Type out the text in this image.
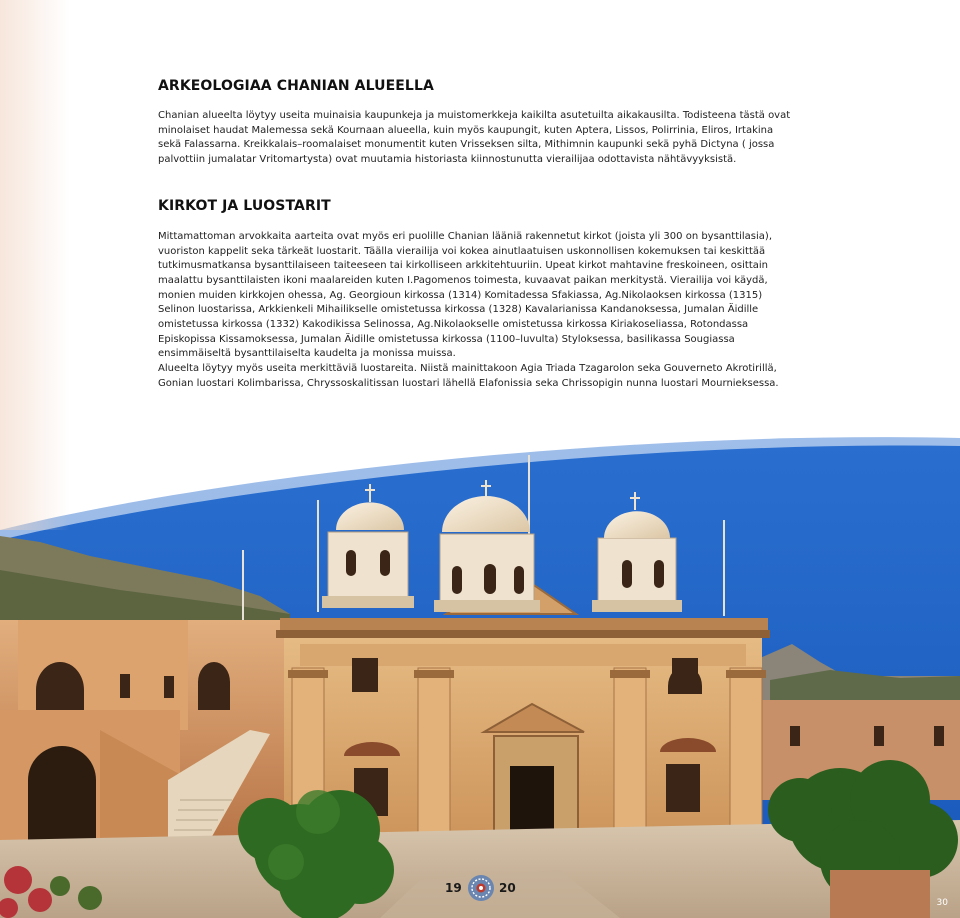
ARKEOLOGIAA CHANIAN ALUEELLA

Chanian alueelta löytyy useita muinaisia kaupunkeja ja muistomerkkeja kaikilta asutetuilta aikakausilta. Todisteena tästä ovat minolaiset haudat Malemessa sekä Kournaan alueella, kuin myös kaupungit, kuten Aptera, Lissos, Polirrinia, Eliros, Irtakina sekä Falassarna. Kreikkalais–roomalaiset monumentit kuten Vrisseksen silta, Mithimnin kaupunki sekä pyhä Dictyna ( jossa palvottiin jumalatar Vritomartysta) ovat muutamia historiasta kiinnostunutta vierailijaa odottavista nähtävyyksistä.

KIRKOT JA LUOSTARIT

Mittamattoman arvokkaita aarteita ovat myös eri puolille Chanian lääniä rakennetut kirkot (joista yli 300 on bysanttilasia), vuoriston kappelit seka tärkeät luostarit. Täälla vierailija voi kokea ainutlaatuisen uskonnollisen kokemuksen tai keskittää tutkimusmatkansa bysanttilaiseen taiteeseen tai kirkolliseen arkkitehtuuriin. Upeat kirkot mahtavine freskoineen, osittain maalattu bysanttilaisten ikoni maalareiden kuten I.Pagomenos toimesta, kuvaavat paikan merkitystä. Vierailija voi käydä, monien muiden kirkkojen ohessa, Ag. Georgioun kirkossa (1314) Komitadessa Sfakiassa, Ag.Nikolaoksen kirkossa (1315) Selinon luostarissa, Arkkienkeli Mihailikselle omistetussa kirkossa (1328) Kavalarianissa Kandanoksessa, Jumalan Äidille omistetussa kirkossa (1332) Kakodikissa Selinossa, Ag.Nikolaokselle omistetussa kirkossa Kiriakoseliassa, Rotondassa Episkopissa Kissamoksessa, Jumalan Äidille omistetussa kirkossa (1100–luvulta) Styloksessa, basilikassa Sougiassa ensimmäiseltä bysanttilaiselta kaudelta ja monissa muissa.

Alueelta löytyy myös useita merkittäviä luostareita. Niistä mainittakoon Agia Triada Tzagarolon seka Gouverneto Akrotirillä, Gonian luostari Kolimbarissa, Chryssoskalitissan luostari lähellä Elafonissia seka Chrissopigin nunna luostari Mournieksessa.

19	20
30
